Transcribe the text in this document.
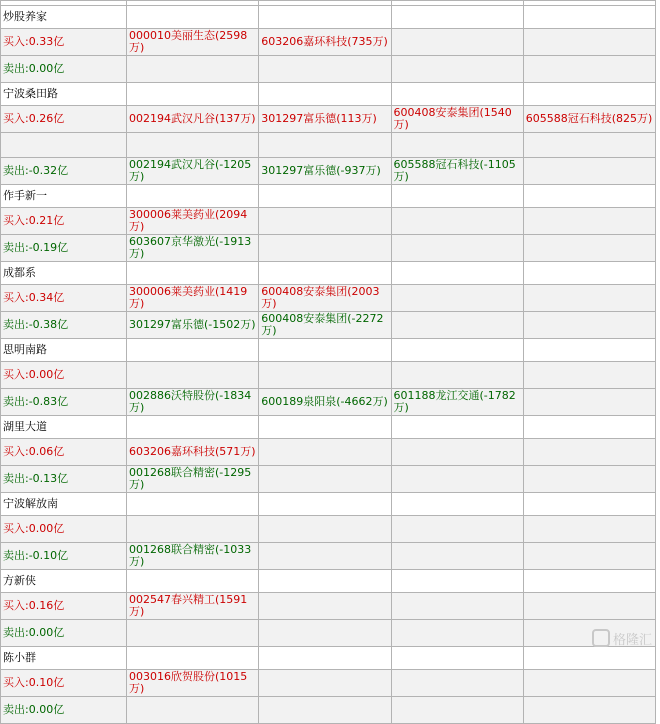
炒股养家				
买入:0.33亿	000010美丽生态(2598万)	603206嘉环科技(735万)		
卖出:0.00亿				
宁波桑田路				
买入:0.26亿	002194武汉凡谷(137万)	301297富乐德(113万)	600408安泰集团(1540万)	605588冠石科技(825万)

卖出:-0.32亿	002194武汉凡谷(-1205万)	301297富乐德(-937万)	605588冠石科技(-1105万)	
作手新一				
买入:0.21亿	300006莱美药业(2094万)			
卖出:-0.19亿	603607京华激光(-1913万)			
成都系				
买入:0.34亿	300006莱美药业(1419万)	600408安泰集团(2003万)		
卖出:-0.38亿	301297富乐德(-1502万)	600408安泰集团(-2272万)		
思明南路				
买入:0.00亿				
卖出:-0.83亿	002886沃特股份(-1834万)	600189泉阳泉(-4662万)	601188龙江交通(-1782万)	
湖里大道				
买入:0.06亿	603206嘉环科技(571万)			
卖出:-0.13亿	001268联合精密(-1295万)			
宁波解放南				
买入:0.00亿				
卖出:-0.10亿	001268联合精密(-1033万)			
方新侠				
买入:0.16亿	002547春兴精工(1591万)			
卖出:0.00亿				
陈小群				
买入:0.10亿	003016欣贺股份(1015万)			
卖出:0.00亿				
格隆汇
